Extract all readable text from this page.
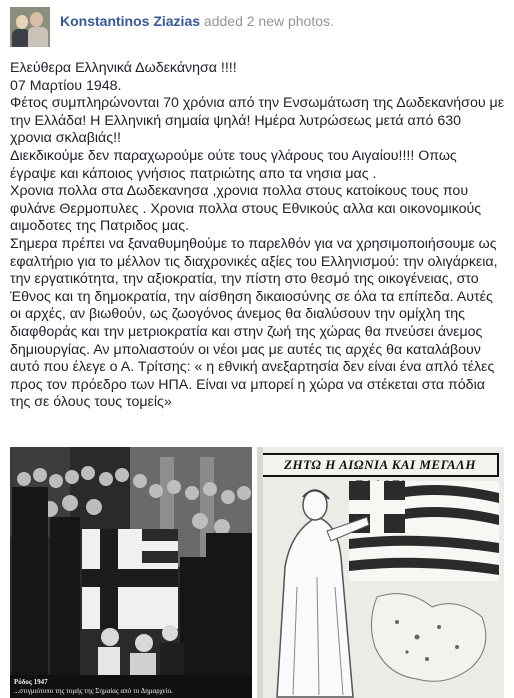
Konstantinos Ziazias added 2 new photos.

Ελεύθερα Ελληνικά Δωδεκάνησα !!!!

07 Μαρτίου 1948.

Φέτος συμπληρώνονται 70 χρόνια από την Ενσωμάτωση της Δωδεκανήσου με την Ελλάδα! Η Ελληνική σημαία ψηλά! Ημέρα λυτρώσεως μετά από 630 χρονια σκλαβιάς!!

Διεκδικούμε δεν παραχωρούμε ούτε τους γλάρους του Αιγαίου!!!! Οπως έγραψε και κάποιος γνήσιος πατριώτης απο τα νησια μας .

Χρονια πολλα στα Δωδεκανησα ,χρονια πολλα στους κατοίκους τους που φυλάνε Θερμοπυλες . Χρονια πολλα στους Εθνικούς αλλα και οικονομικούς αιμοδοτες της Πατριδος μας.

Σημερα πρέπει να ξαναθυμηθούμε το παρελθόν για να χρησιμοποιήσουμε ως εφαλτήριο για το μέλλον τις διαχρονικές αξίες του Ελληνισμού: την ολιγάρκεια, την εργατικότητα, την αξιοκρατία, την πίστη στο θεσμό της οικογένειας, στο Έθνος και τη δημοκρατία, την αίσθηση δικαιοσύνης σε όλα τα επίπεδα. Αυτές οι αρχές, αν βιωθούν, ως ζωογόνος άνεμος θα διαλύσουν την ομίχλη της διαφθοράς και την μετριοκρατία και στην ζωή της χώρας θα πνεύσει άνεμος δημιουργίας. Αν μπολιαστούν οι νέοι μας με αυτές τις αρχές θα καταλάβουν αυτό που έλεγε ο Α. Τρίτσης: « η εθνική ανεξαρτησία δεν είναι ένα απλό τέλες προς τον πρόεδρο των ΗΠΑ. Είναι να μπορεί η χώρα να στέκεται στα πόδια της σε όλους τους τομείς»

Ρόδος 1947
...στιγμιότυπο της τομής της Σημαίας από το Δημαρχείο.
ΖΗΤΩ Η ΑΙΩΝΙΑ ΚΑΙ ΜΕΓΑΛΗ
